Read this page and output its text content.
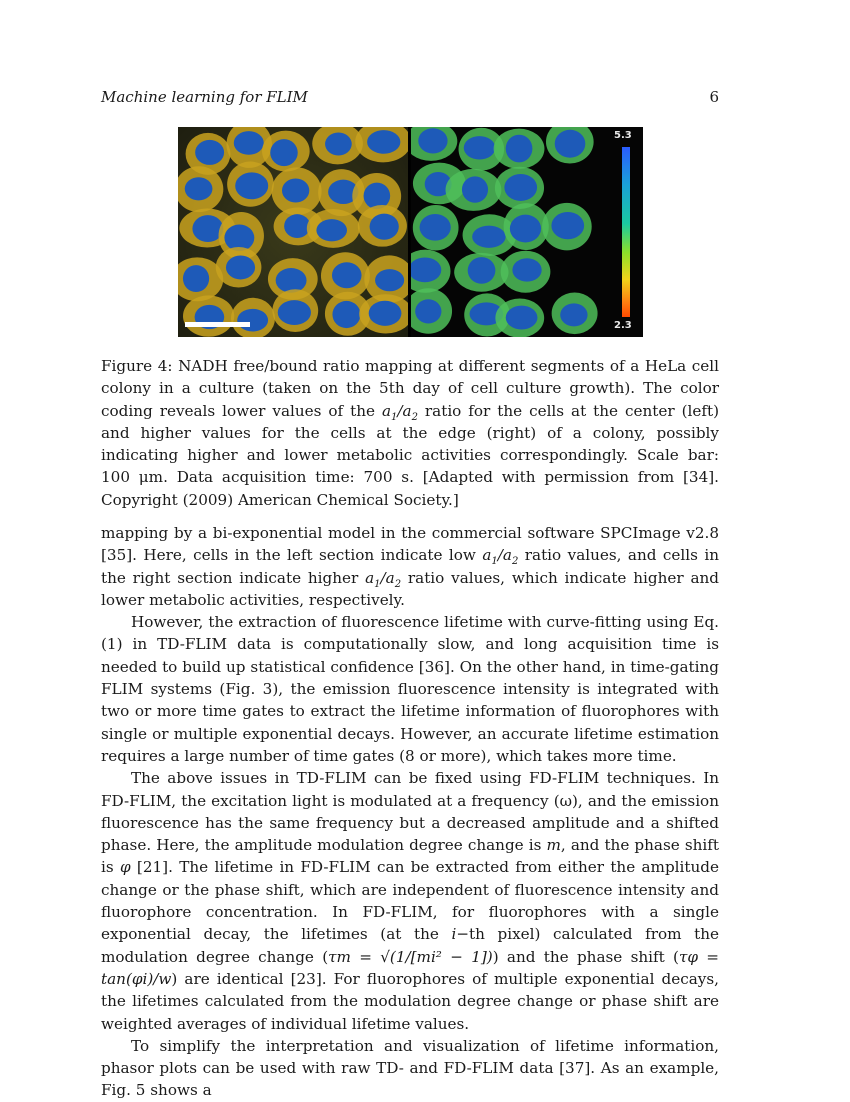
Machine learning for FLIM	6
5.3
2.3
Figure 4: NADH free/bound ratio mapping at different segments of a HeLa cell colony in a culture (taken on the 5th day of cell culture growth). The color coding reveals lower values of the $a_1/a_2$ ratio for the cells at the center (left) and higher values for the cells at the edge (right) of a colony, possibly indicating higher and lower metabolic activities correspondingly. Scale bar: 100 μm. Data acquisition time: 700 s. [Adapted with permission from [34]. Copyright (2009) American Chemical Society.]

mapping by a bi-exponential model in the commercial software SPCImage v2.8 [35]. Here, cells in the left section indicate low $a_1/a_2$ ratio values, and cells in the right section indicate higher $a_1/a_2$ ratio values, which indicate higher and lower metabolic activities, respectively.

However, the extraction of fluorescence lifetime with curve-fitting using Eq. (1) in TD-FLIM data is computationally slow, and long acquisition time is needed to build up statistical confidence [36]. On the other hand, in time-gating FLIM systems (Fig. 3), the emission fluorescence intensity is integrated with two or more time gates to extract the lifetime information of fluorophores with single or multiple exponential decays. However, an accurate lifetime estimation requires a large number of time gates (8 or more), which takes more time.

The above issues in TD-FLIM can be fixed using FD-FLIM techniques. In FD-FLIM, the excitation light is modulated at a frequency (ω), and the emission fluorescence has the same frequency but a decreased amplitude and a shifted phase. Here, the amplitude modulation degree change is m, and the phase shift is φ [21]. The lifetime in FD-FLIM can be extracted from either the amplitude change or the phase shift, which are independent of fluorescence intensity and fluorophore concentration. In FD-FLIM, for fluorophores with a single exponential decay, the lifetimes (at the i−th pixel) calculated from the modulation degree change (τm = √(1/[mi² − 1])) and the phase shift (τφ = tan(φi)/w) are identical [23]. For fluorophores of multiple exponential decays, the lifetimes calculated from the modulation degree change or phase shift are weighted averages of individual lifetime values.

To simplify the interpretation and visualization of lifetime information, phasor plots can be used with raw TD- and FD-FLIM data [37]. As an example, Fig. 5 shows a
